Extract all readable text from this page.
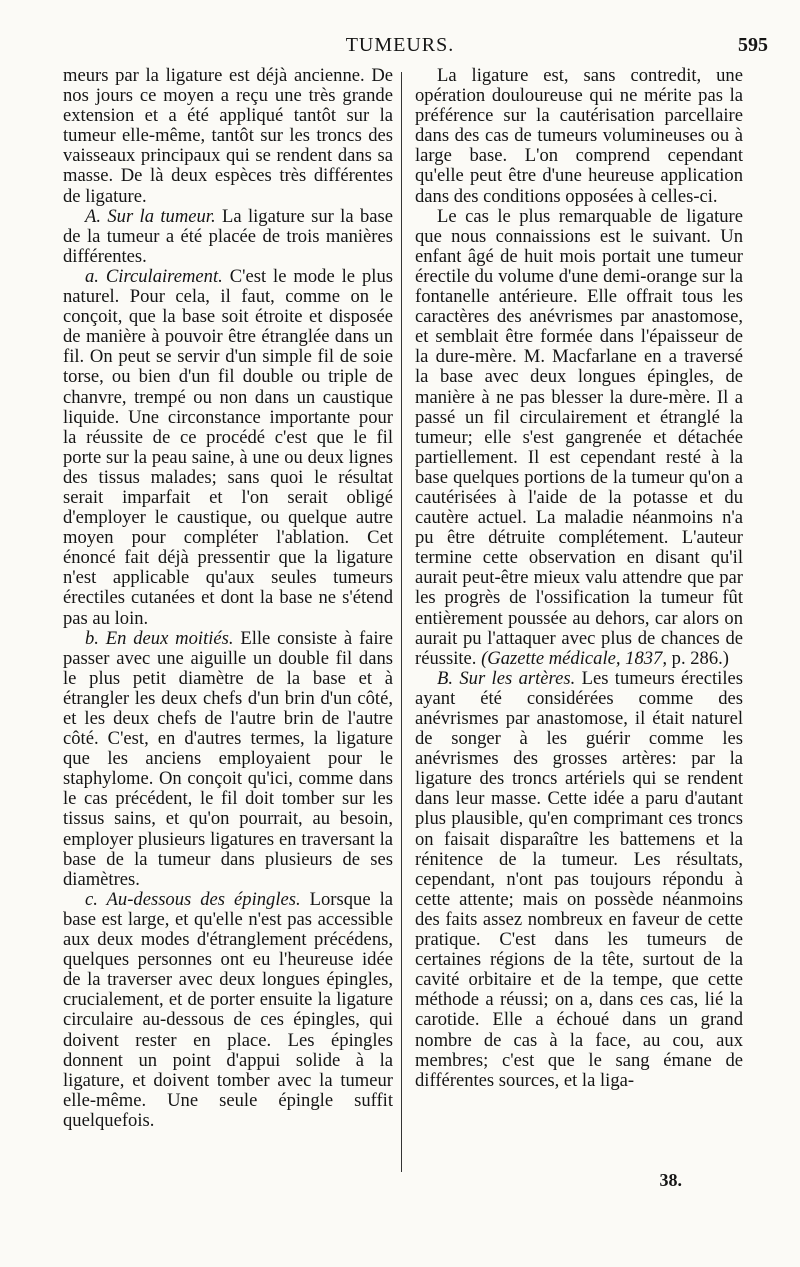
TUMEURS.	595

meurs par la ligature est déjà ancienne. De nos jours ce moyen a reçu une très grande extension et a été appliqué tantôt sur la tumeur elle-même, tantôt sur les troncs des vaisseaux principaux qui se rendent dans sa masse. De là deux espèces très différentes de ligature.

A. Sur la tumeur. La ligature sur la base de la tumeur a été placée de trois manières différentes.

a. Circulairement. C'est le mode le plus naturel. Pour cela, il faut, comme on le conçoit, que la base soit étroite et disposée de manière à pouvoir être étranglée dans un fil. On peut se servir d'un simple fil de soie torse, ou bien d'un fil double ou triple de chanvre, trempé ou non dans un caustique liquide. Une circonstance importante pour la réussite de ce procédé c'est que le fil porte sur la peau saine, à une ou deux lignes des tissus malades; sans quoi le résultat serait imparfait et l'on serait obligé d'employer le caustique, ou quelque autre moyen pour compléter l'ablation. Cet énoncé fait déjà pressentir que la ligature n'est applicable qu'aux seules tumeurs érectiles cutanées et dont la base ne s'étend pas au loin.

b. En deux moitiés. Elle consiste à faire passer avec une aiguille un double fil dans le plus petit diamètre de la base et à étrangler les deux chefs d'un brin d'un côté, et les deux chefs de l'autre brin de l'autre côté. C'est, en d'autres termes, la ligature que les anciens employaient pour le staphylome. On conçoit qu'ici, comme dans le cas précédent, le fil doit tomber sur les tissus sains, et qu'on pourrait, au besoin, employer plusieurs ligatures en traversant la base de la tumeur dans plusieurs de ses diamètres.

c. Au-dessous des épingles. Lorsque la base est large, et qu'elle n'est pas accessible aux deux modes d'étranglement précédens, quelques personnes ont eu l'heureuse idée de la traverser avec deux longues épingles, crucialement, et de porter ensuite la ligature circulaire au-dessous de ces épingles, qui doivent rester en place. Les épingles donnent un point d'appui solide à la ligature, et doivent tomber avec la tumeur elle-même. Une seule épingle suffit quelquefois.

La ligature est, sans contredit, une opération douloureuse qui ne mérite pas la préférence sur la cautérisation parcellaire dans des cas de tumeurs volumineuses ou à large base. L'on comprend cependant qu'elle peut être d'une heureuse application dans des conditions opposées à celles-ci.

Le cas le plus remarquable de ligature que nous connaissions est le suivant. Un enfant âgé de huit mois portait une tumeur érectile du volume d'une demi-orange sur la fontanelle antérieure. Elle offrait tous les caractères des anévrismes par anastomose, et semblait être formée dans l'épaisseur de la dure-mère. M. Macfarlane en a traversé la base avec deux longues épingles, de manière à ne pas blesser la dure-mère. Il a passé un fil circulairement et étranglé la tumeur; elle s'est gangrenée et détachée partiellement. Il est cependant resté à la base quelques portions de la tumeur qu'on a cautérisées à l'aide de la potasse et du cautère actuel. La maladie néanmoins n'a pu être détruite complétement. L'auteur termine cette observation en disant qu'il aurait peut-être mieux valu attendre que par les progrès de l'ossification la tumeur fût entièrement poussée au dehors, car alors on aurait pu l'attaquer avec plus de chances de réussite. (Gazette médicale, 1837, p. 286.)

B. Sur les artères. Les tumeurs érectiles ayant été considérées comme des anévrismes par anastomose, il était naturel de songer à les guérir comme les anévrismes des grosses artères: par la ligature des troncs artériels qui se rendent dans leur masse. Cette idée a paru d'autant plus plausible, qu'en comprimant ces troncs on faisait disparaître les battemens et la rénitence de la tumeur. Les résultats, cependant, n'ont pas toujours répondu à cette attente; mais on possède néanmoins des faits assez nombreux en faveur de cette pratique. C'est dans les tumeurs de certaines régions de la tête, surtout de la cavité orbitaire et de la tempe, que cette méthode a réussi; on a, dans ces cas, lié la carotide. Elle a échoué dans un grand nombre de cas à la face, au cou, aux membres; c'est que le sang émane de différentes sources, et la liga-

38.
